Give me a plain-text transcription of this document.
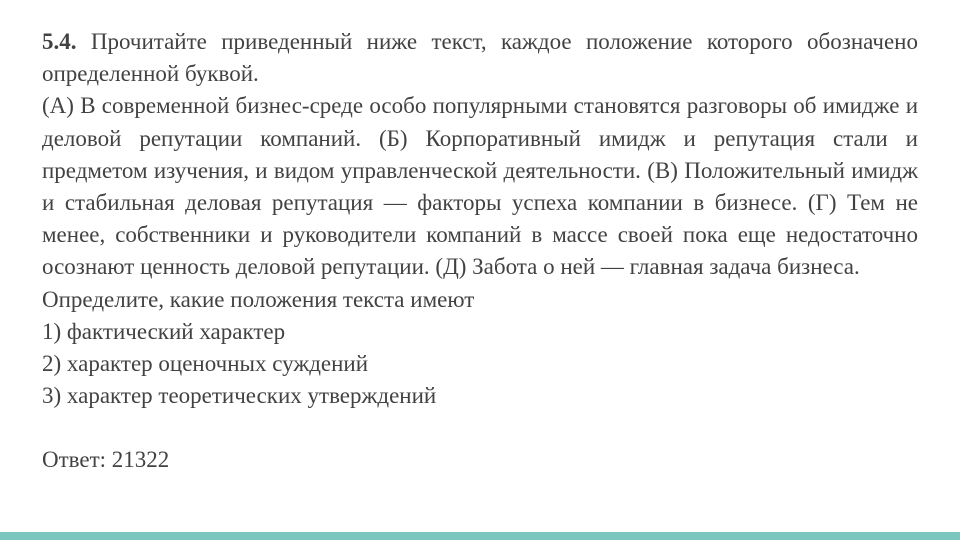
5.4. Прочитайте приведенный ниже текст, каждое положение которого обозначено определенной буквой.
(А) В современной бизнес-среде особо популярными становятся разговоры об имидже и деловой репутации компаний. (Б) Корпоративный имидж и репутация стали и предметом изучения, и видом управленческой деятельности. (В) Положительный имидж и стабильная деловая репутация — факторы успеха компании в бизнесе. (Г) Тем не менее, собственники и руководители компаний в массе своей пока еще недостаточно осознают ценность деловой репутации. (Д) Забота о ней — главная задача бизнеса.
Определите, какие положения текста имеют
1) фактический характер
2) характер оценочных суждений
3) характер теоретических утверждений
Ответ: 21322
